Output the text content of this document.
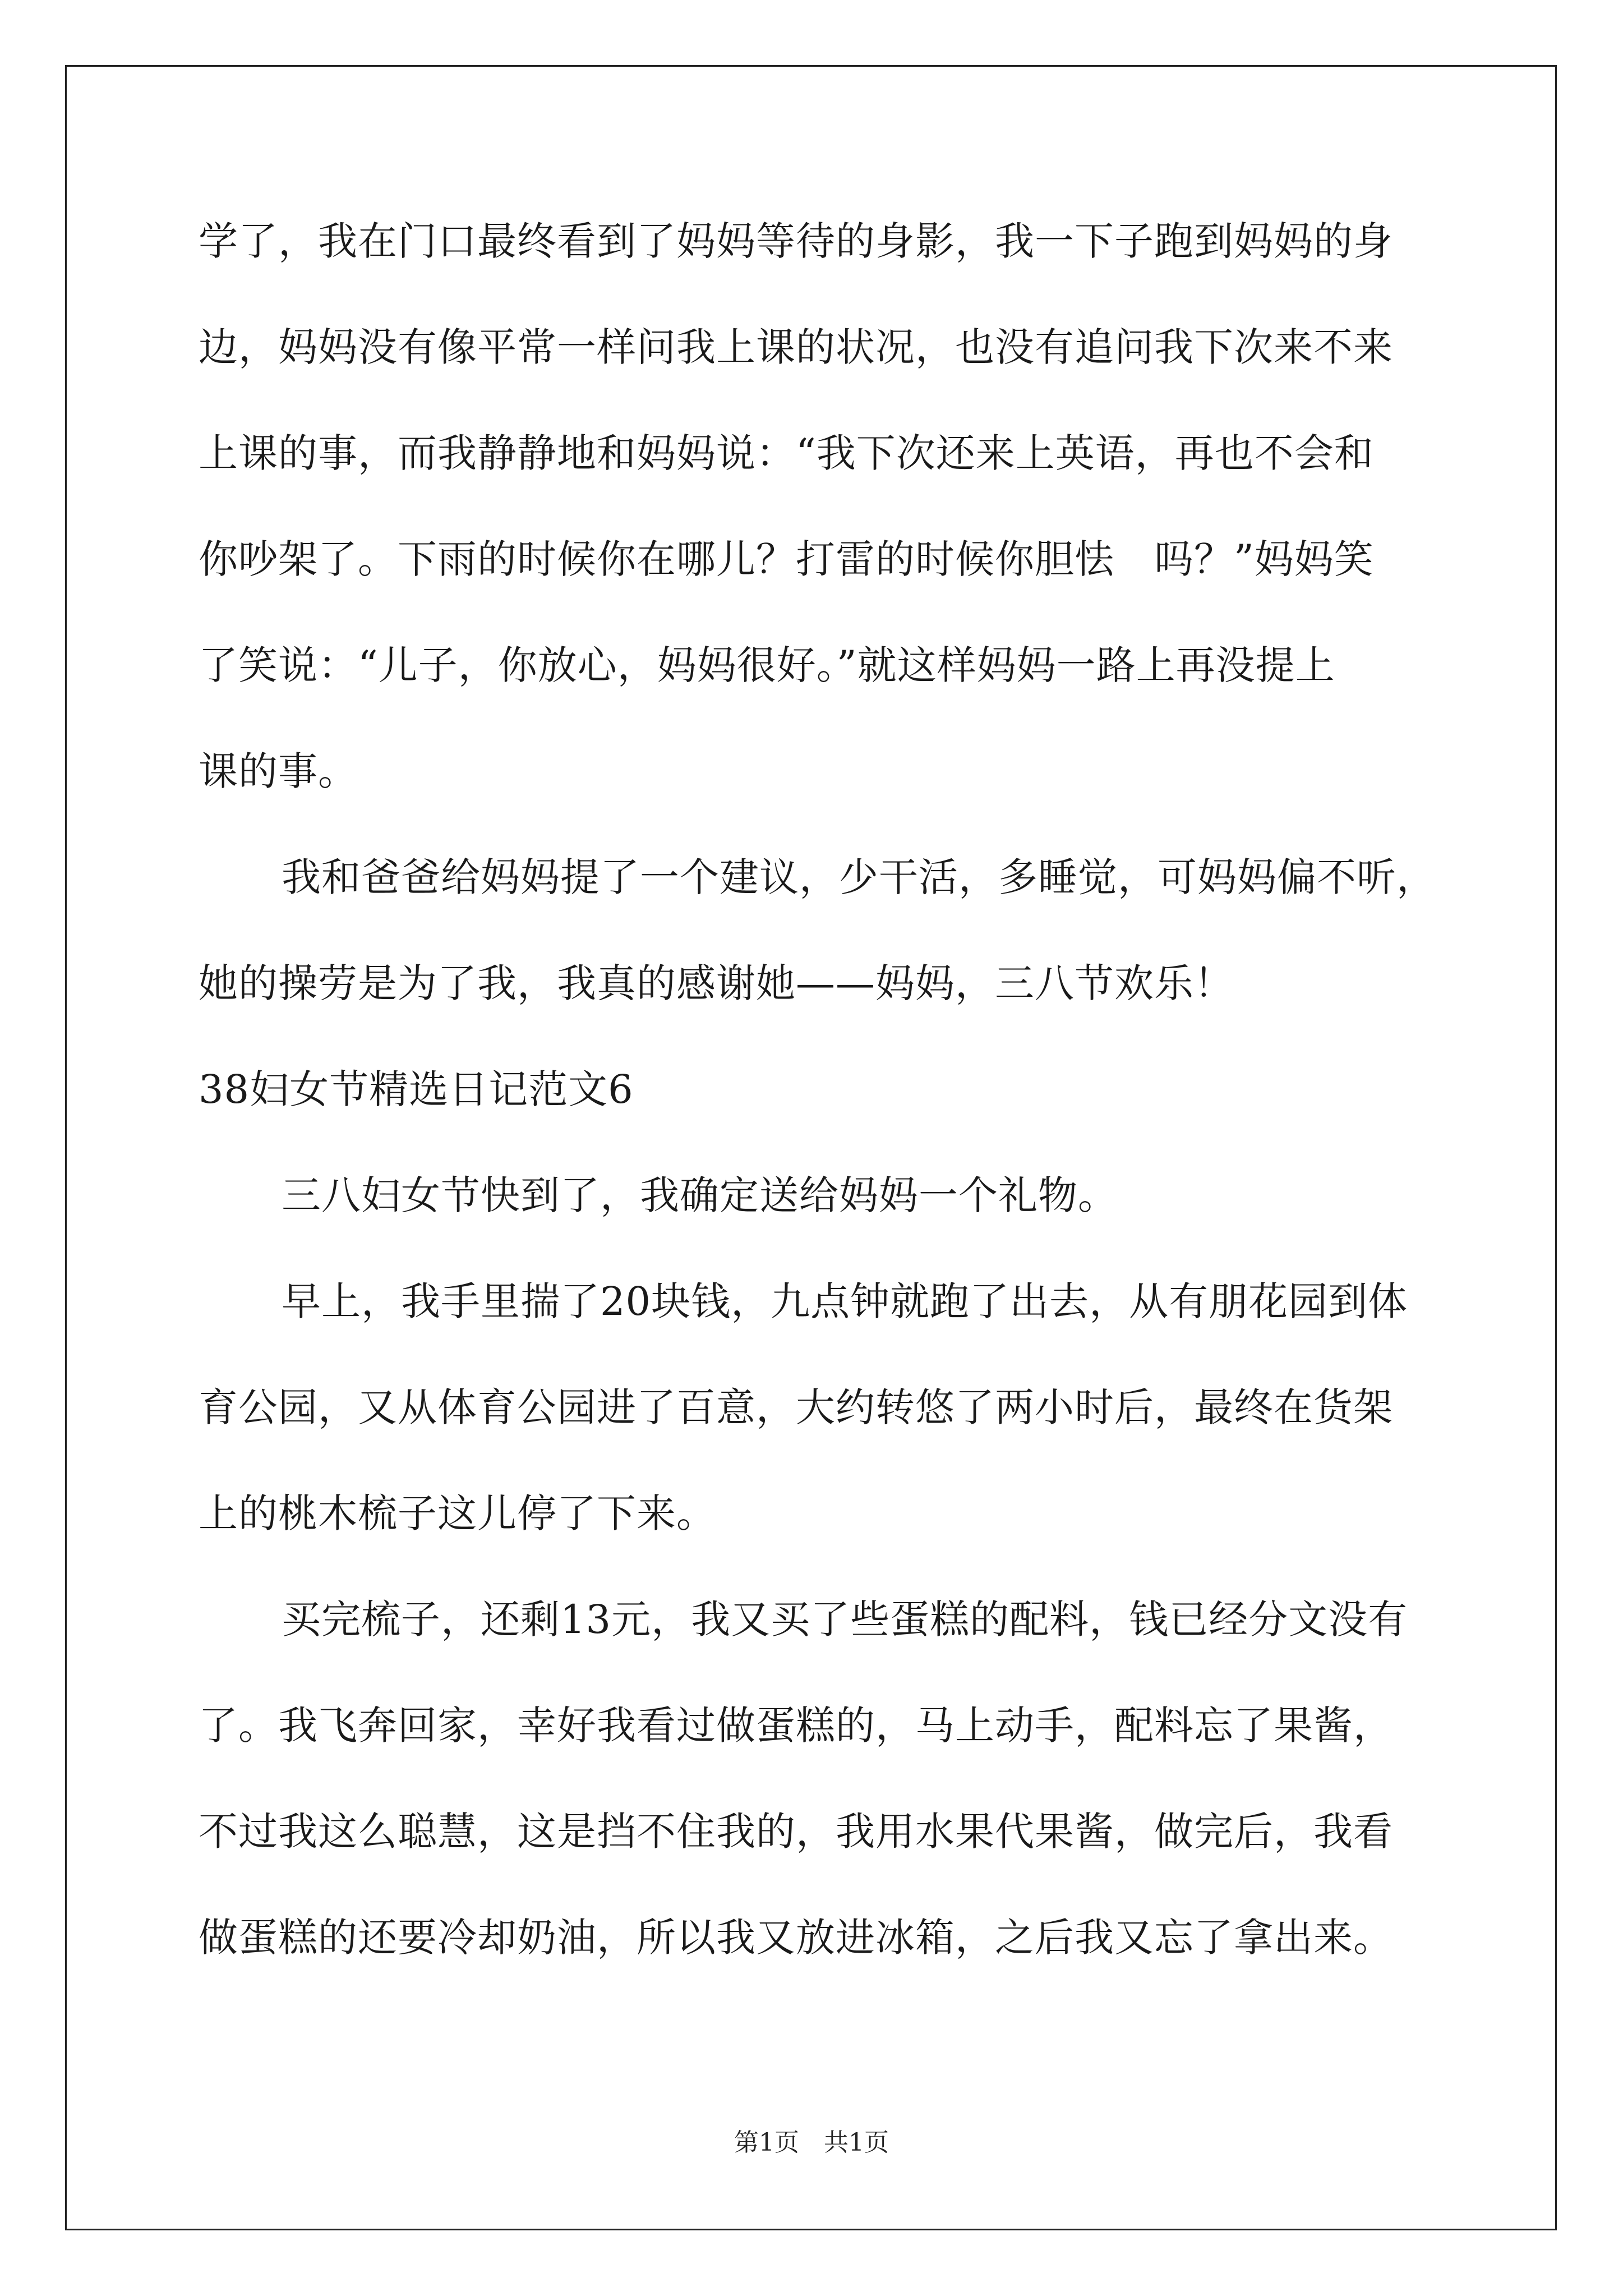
学了，我在门口最终看到了妈妈等待的身影，我一下子跑到妈妈的身
边，妈妈没有像平常一样问我上课的状况，也没有追问我下次来不来
上课的事，而我静静地和妈妈说：“我下次还来上英语，再也不会和
你吵架了。下雨的时候你在哪儿？打雷的时候你胆怯　吗？”妈妈笑
了笑说：“儿子，你放心，妈妈很好。”就这样妈妈一路上再没提上
课的事。
我和爸爸给妈妈提了一个建议，少干活，多睡觉，可妈妈偏不听，
她的操劳是为了我，我真的感谢她——妈妈，三八节欢乐！
38妇女节精选日记范文6
三八妇女节快到了，我确定送给妈妈一个礼物。
早上，我手里揣了20块钱，九点钟就跑了出去，从有朋花园到体
育公园，又从体育公园进了百意，大约转悠了两小时后，最终在货架
上的桃木梳子这儿停了下来。
买完梳子，还剩13元，我又买了些蛋糕的配料，钱已经分文没有
了。我飞奔回家，幸好我看过做蛋糕的，马上动手，配料忘了果酱，
不过我这么聪慧，这是挡不住我的，我用水果代果酱，做完后，我看
做蛋糕的还要冷却奶油，所以我又放进冰箱，之后我又忘了拿出来。
第1页　共1页
